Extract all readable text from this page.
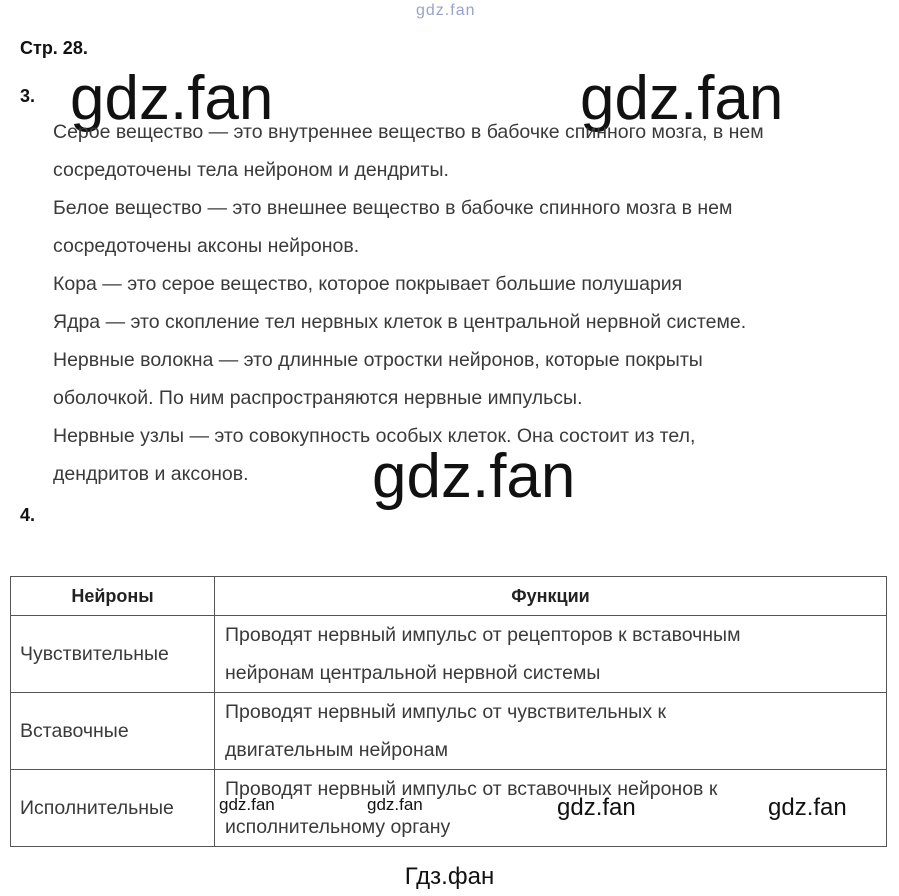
gdz.fan
Стр. 28.
3. gdz.fan	gdz.fan
Серое вещество — это внутреннее вещество в бабочке спинного мозга, в нем
сосредоточены тела нейроном и дендриты.
Белое вещество — это внешнее вещество в бабочке спинного мозга в нем
сосредоточены аксоны нейронов.
Кора — это серое вещество, которое покрывает большие полушария
Ядра — это скопление тел нервных клеток в центральной нервной системе.
Нервные волокна — это длинные отростки нейронов, которые покрыты
оболочкой. По ним распространяются нервные импульсы.
Нервные узлы — это совокупность особых клеток. Она состоит из тел,
дендритов и аксонов. gdz.fan
4.
Нейроны	Функции
Чувствительные	Проводят нервный импульс от рецепторов к вставочным
нейронам центральной нервной системы

Вставочные	Проводят нервный импульс от чувствительных к
двигательным нейронам

Исполнительные	Проводят нервный импульс от вставочных нейронов к
исполнительному органу
gdz.fan	gdz.fan	gdz.fan	gdz.fan
Гдз.фан
